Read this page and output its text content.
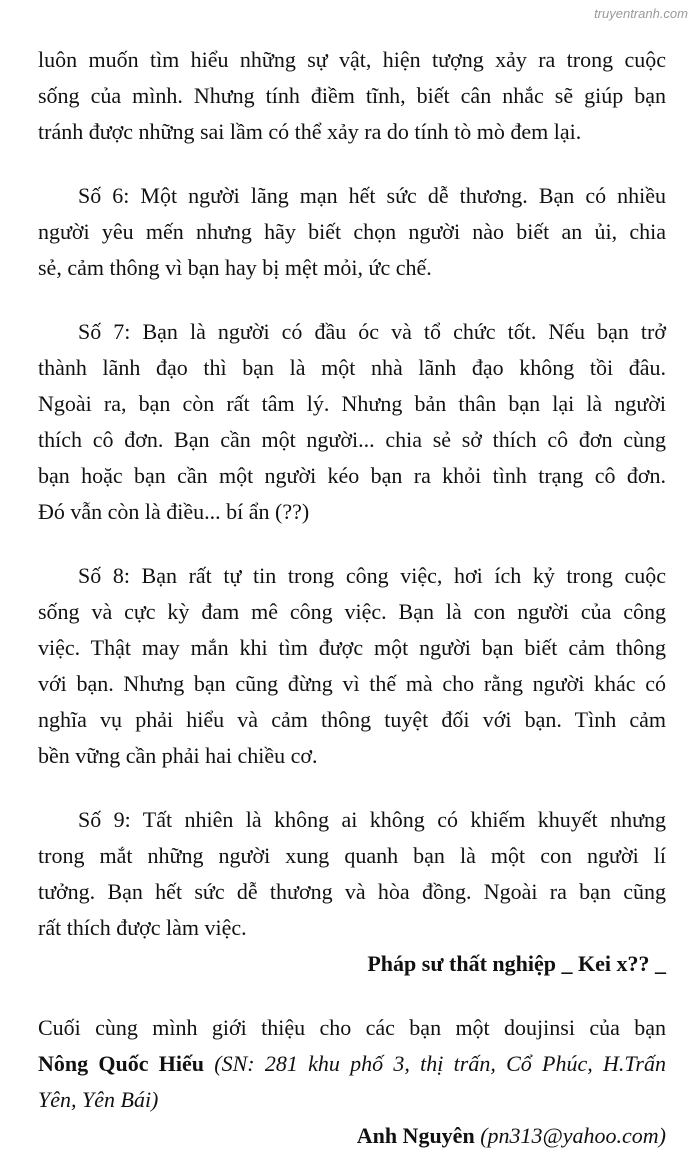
truyentranh.com
luôn muốn tìm hiểu những sự vật, hiện tượng xảy ra trong cuộc
sống của mình. Nhưng tính điềm tĩnh, biết cân nhắc sẽ giúp bạn
tránh được những sai lầm có thể xảy ra do tính tò mò đem lại.
Số 6: Một người lãng mạn hết sức dễ thương. Bạn có nhiều
người yêu mến nhưng hãy biết chọn người nào biết an ủi, chia
sẻ, cảm thông vì bạn hay bị mệt mỏi, ức chế.
Số 7: Bạn là người có đầu óc và tổ chức tốt. Nếu bạn trở
thành lãnh đạo thì bạn là một nhà lãnh đạo không tồi đâu.
Ngoài ra, bạn còn rất tâm lý. Nhưng bản thân bạn lại là người
thích cô đơn. Bạn cần một người... chia sẻ sở thích cô đơn cùng
bạn hoặc bạn cần một người kéo bạn ra khỏi tình trạng cô đơn.
Đó vẫn còn là điều... bí ẩn (??)
Số 8: Bạn rất tự tin trong công việc, hơi ích kỷ trong cuộc
sống và cực kỳ đam mê công việc. Bạn là con người của công
việc. Thật may mắn khi tìm được một người bạn biết cảm thông
với bạn. Nhưng bạn cũng đừng vì thế mà cho rằng người khác có
nghĩa vụ phải hiểu và cảm thông tuyệt đối với bạn. Tình cảm
bền vững cần phải hai chiều cơ.
Số 9: Tất nhiên là không ai không có khiếm khuyết nhưng
trong mắt những người xung quanh bạn là một con người lí
tưởng. Bạn hết sức dễ thương và hòa đồng. Ngoài ra bạn cũng
rất thích được làm việc.
Pháp sư thất nghiệp _ Kei x?? _
Cuối cùng mình giới thiệu cho các bạn một doujinsi của bạn
Nông Quốc Hiếu (SN: 281 khu phố 3, thị trấn, Cổ Phúc, H.Trấn
Yên, Yên Bái)
Anh Nguyên (pn313@yahoo.com)
